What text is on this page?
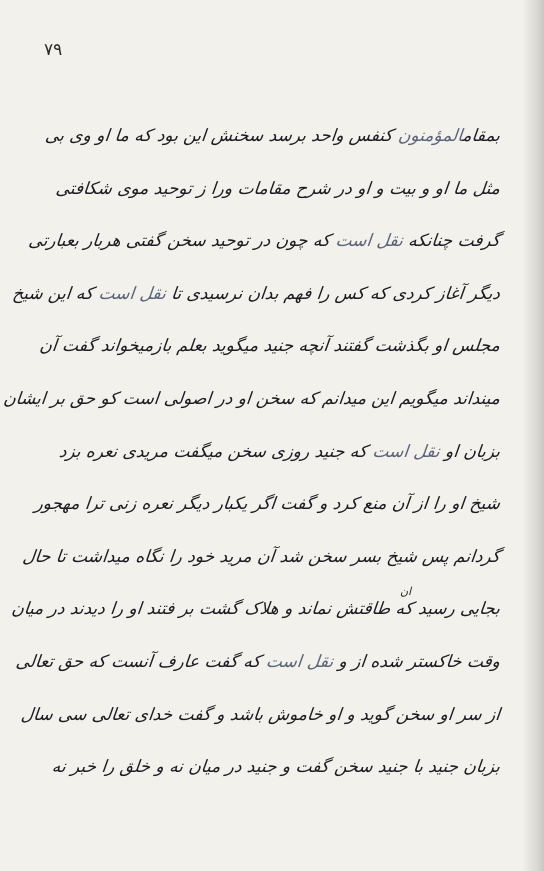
۷۹
بمقامالمؤمنون کنفس واحد برسد سخنش این بود که ما او وی بی‌
مثل ما او و بیت و او در شرح مقامات ورا ز توحید موی شکافتی
گرفت چنانکه نقل است که چون در توحید سخن گفتی هربار بعبارتی
دیگر آغاز کردی که کس را فهم بدان نرسیدی تا نقل است که این شیخ
مجلس او بگذشت گفتند آنچه جنید میگوید بعلم بازمیخواند گفت آن
مینداند میگویم این میدانم که سخن او در اصولی است کو حق بر ایشان
بزبان او نقل است که جنید روزی سخن میگفت مریدی نعره بزد
شیخ او را از آن منع کرد و گفت اگر یکبار دیگر نعره زنی ترا مهجور
گردانم پس شیخ بسر سخن شد آن مرید خود را نگاه میداشت تا حال
بجایی رسید که طاقتش نماند و هلاک گشت بر فتند او را دیدند در میان
وقت خاکستر شده از و نقل است که گفت عارف آنست که حق تعالی
از سر او سخن گوید و او خاموش باشد و گفت خدای تعالی سی سال
بزبان جنید با جنید سخن گفت و جنید در میان نه و خلق را خبر نه
ان
